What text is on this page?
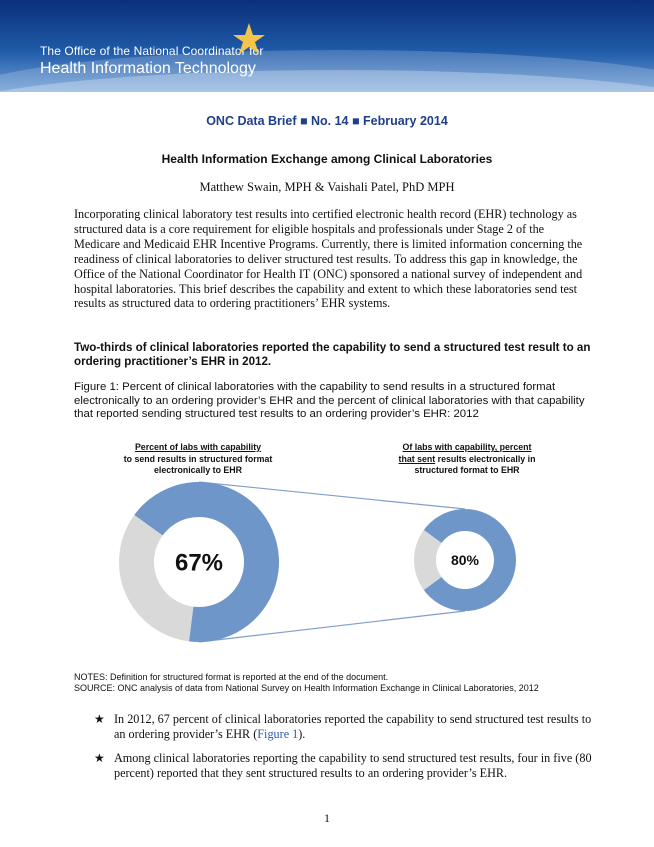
The Office of the National Coordinator for
Health Information Technology
ONC Data Brief ■ No. 14 ■ February 2014
Health Information Exchange among Clinical Laboratories
Matthew Swain, MPH & Vaishali Patel, PhD MPH

Incorporating clinical laboratory test results into certified electronic health record (EHR) technology as structured data is a core requirement for eligible hospitals and professionals under Stage 2 of the Medicare and Medicaid EHR Incentive Programs. Currently, there is limited information concerning the readiness of clinical laboratories to deliver structured test results. To address this gap in knowledge, the Office of the National Coordinator for Health IT (ONC) sponsored a national survey of independent and hospital laboratories. This brief describes the capability and extent to which these laboratories send test results as structured data to ordering practitioners’ EHR systems.

Two-thirds of clinical laboratories reported the capability to send a structured test result to an ordering practitioner’s EHR in 2012.
Figure 1: Percent of clinical laboratories with the capability to send results in a structured format electronically to an ordering provider’s EHR and the percent of clinical laboratories with that capability that reported sending structured test results to an ordering provider’s EHR: 2012
Percent of labs with capability
to send results in structured format electronically to EHR
Of labs with capability, percent
that sent results electronically in structured format to EHR
67%	80%
NOTES: Definition for structured format is reported at the end of the document.
SOURCE: ONC analysis of data from National Survey on Health Information Exchange in Clinical Laboratories, 2012
★ In 2012, 67 percent of clinical laboratories reported the capability to send structured test results to an ordering provider’s EHR (Figure 1).
★ Among clinical laboratories reporting the capability to send structured test results, four in five (80 percent) reported that they sent structured results to an ordering provider’s EHR.
1
